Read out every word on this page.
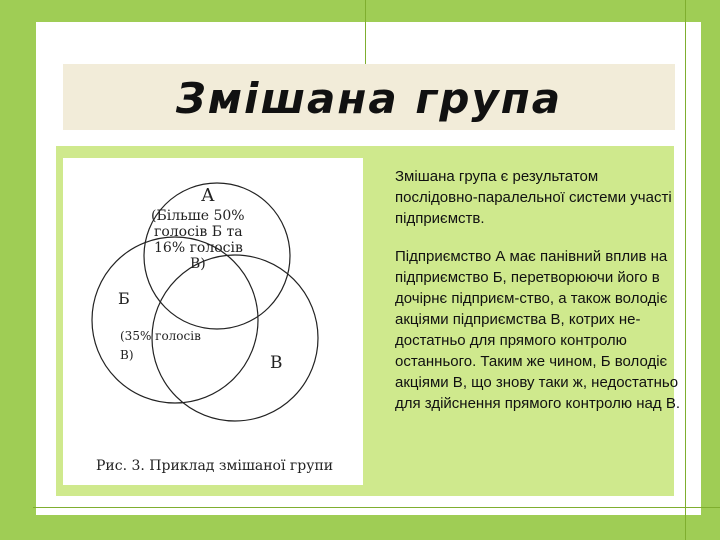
Змішана група
А
(Більше 50%
голосів Б та
16% голосів
В)
Б
(35% голосів
В)	В
Рис. 3. Приклад змішаної групи

Змішана група є результатом послідовно-паралельної системи участі підприємств.

Підприємство А має панівний вплив на підприємство Б, перетворюючи його в дочірнє підприєм-ство, а також володіє акціями підприємства В, котрих не-достатньо для прямого контролю останнього. Таким же чином, Б володіє акціями В, що знову таки ж, недостатньо для здійснення прямого контролю над В.
